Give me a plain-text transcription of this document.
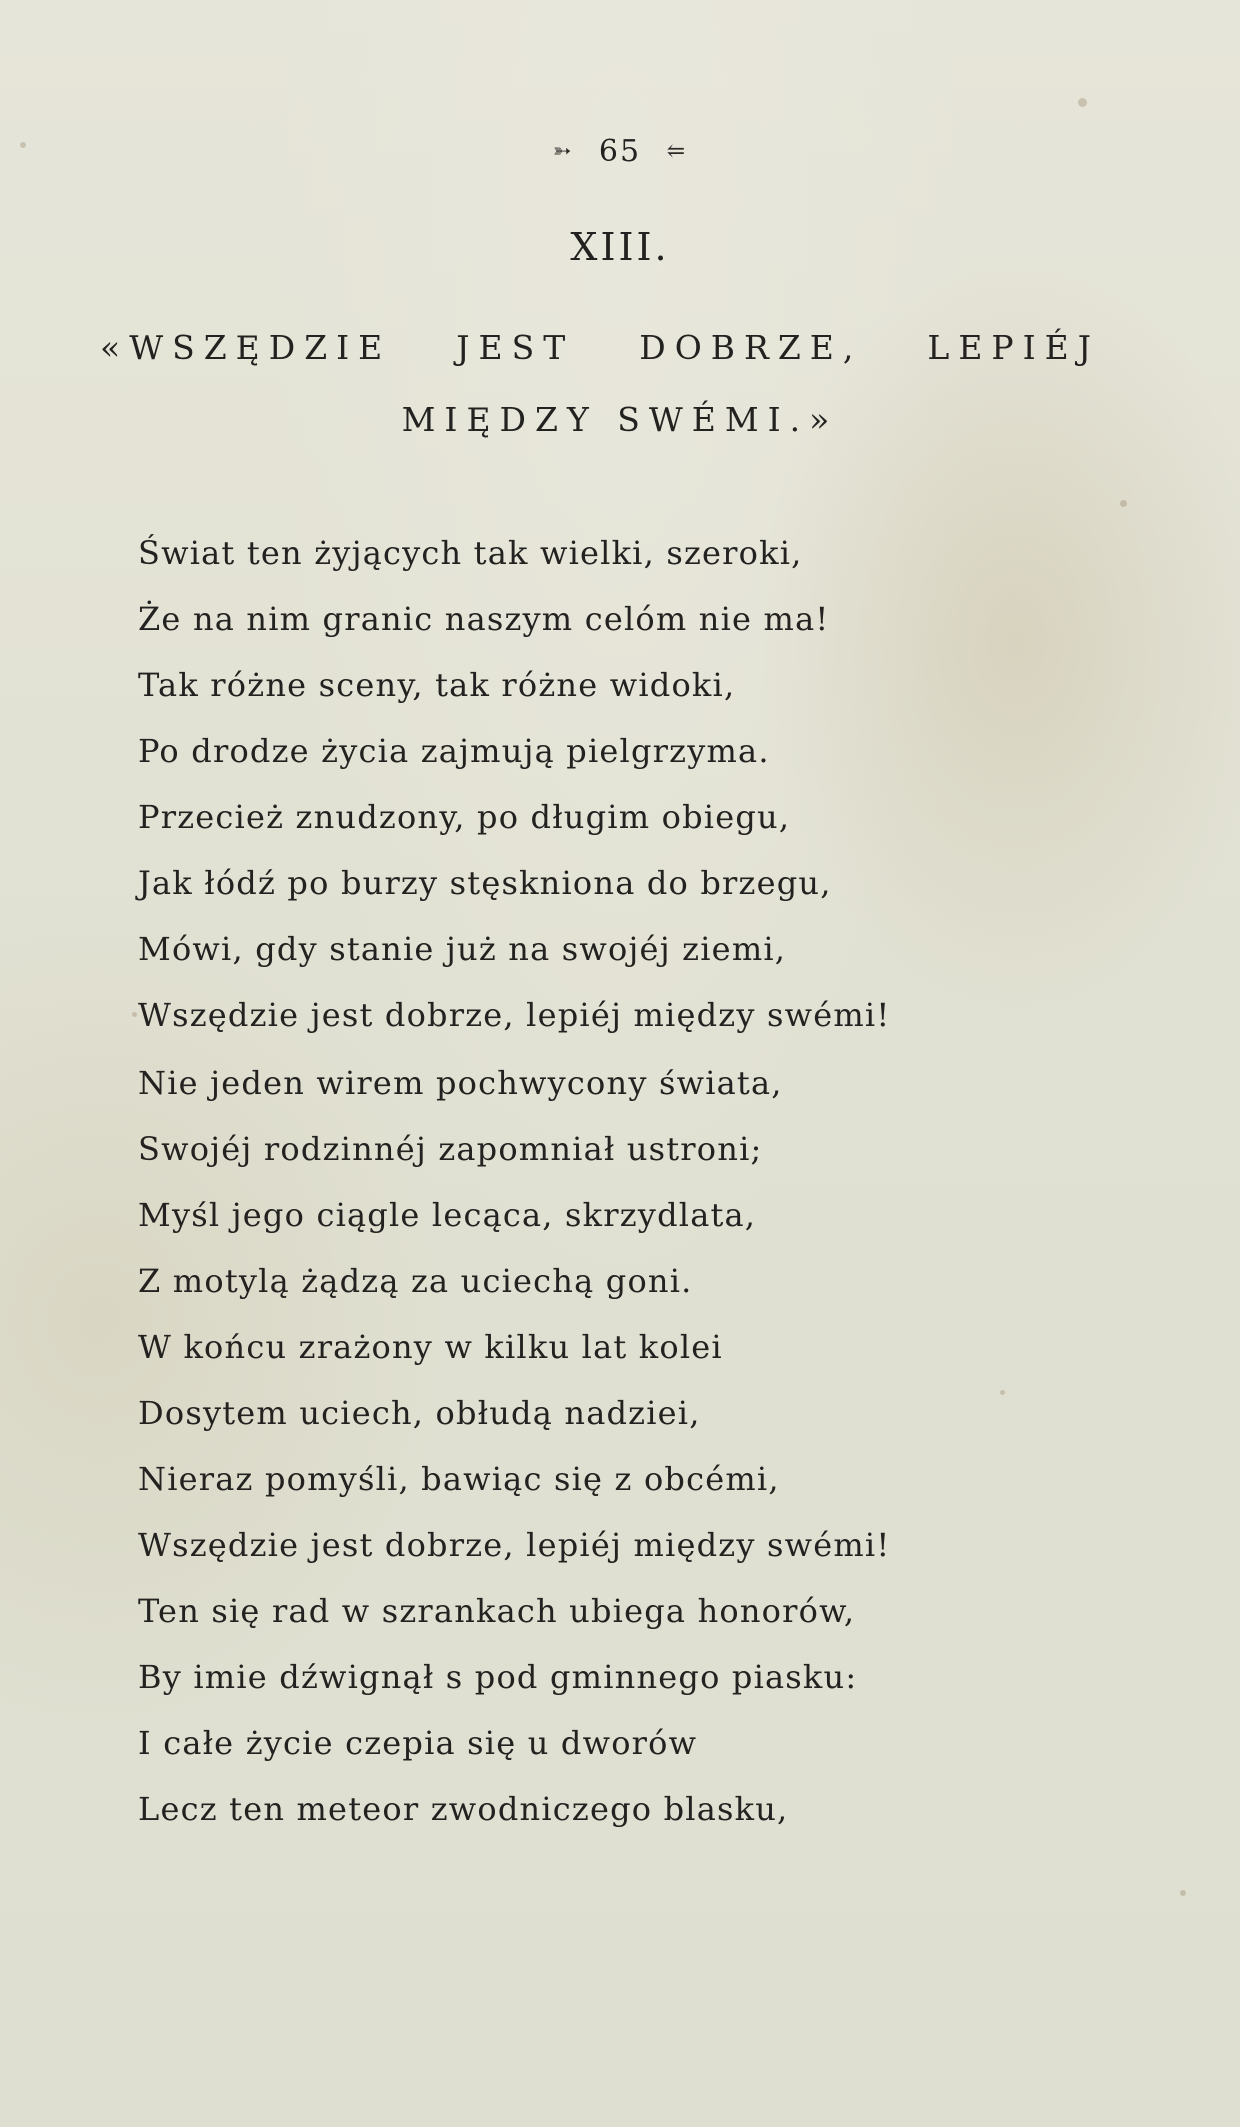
➳ 65 ⥢
XIII.
«WSZĘDZIE JEST DOBRZE, LEPIÉJ
MIĘDZY SWÉMI.»
Świat ten żyjących tak wielki, szeroki,
Że na nim granic naszym celóm nie ma!
Tak różne sceny, tak różne widoki,
Po drodze życia zajmują pielgrzyma.
Przecież znudzony, po długim obiegu,
Jak łódź po burzy stęskniona do brzegu,
Mówi, gdy stanie już na swojéj ziemi,
Wszędzie jest dobrze, lepiéj między swémi!
Nie jeden wirem pochwycony świata,
Swojéj rodzinnéj zapomniał ustroni;
Myśl jego ciągle lecąca, skrzydlata,
Z motylą żądzą za uciechą goni.
W końcu zrażony w kilku lat kolei
Dosytem uciech, obłudą nadziei,
Nieraz pomyśli, bawiąc się z obcémi,
Wszędzie jest dobrze, lepiéj między swémi!
Ten się rad w szrankach ubiega honorów,
By imie dźwignął s pod gminnego piasku:
I całe życie czepia się u dworów
Lecz ten meteor zwodniczego blasku,
